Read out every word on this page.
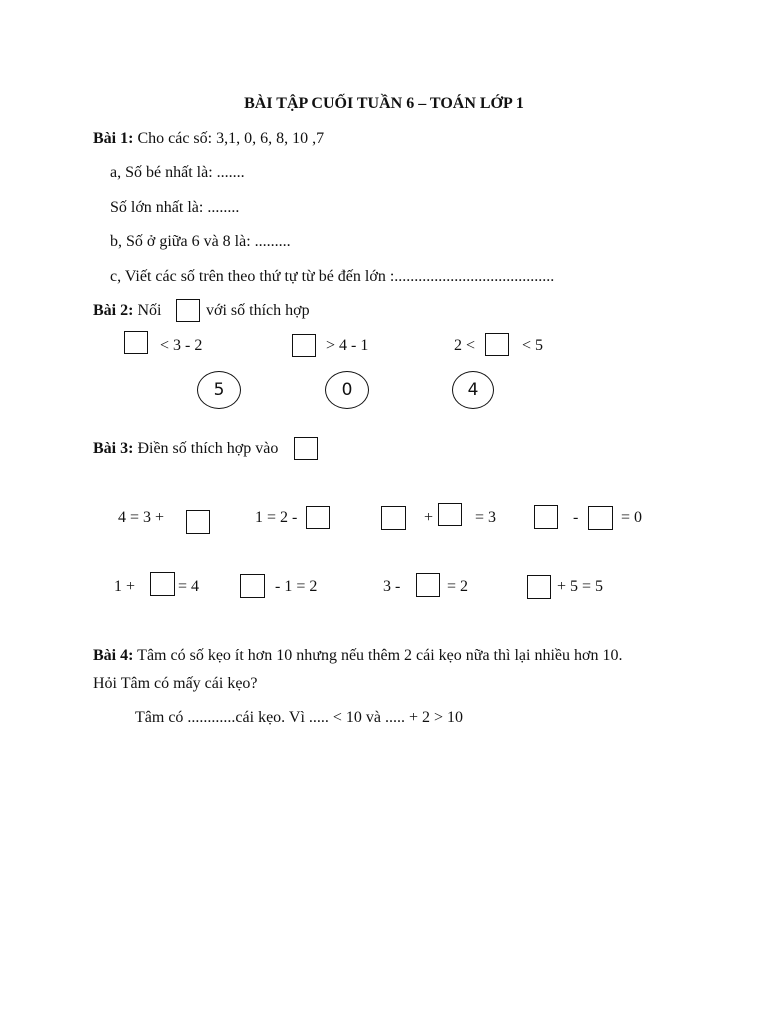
BÀI TẬP CUỐI TUẦN 6 – TOÁN LỚP 1
Bài 1: Cho các số: 3,1, 0, 6, 8, 10 ,7
a, Số bé nhất là: .......
Số lớn nhất là: ........
b, Số ở giữa 6 và 8 là: .........
c, Viết các số trên theo thứ tự từ bé đến lớn :........................................
Bài 2: Nối	với số thích hợp
< 3 - 2	> 4 - 1	2 <	< 5
5	0	4
Bài 3: Điền số thích hợp vào
4 = 3 +	1 = 2 -	+	= 3	-	= 0
1 +	= 4	- 1 = 2	3 -	= 2	+ 5 = 5
Bài 4: Tâm có số kẹo ít hơn 10 nhưng nếu thêm 2 cái kẹo nữa thì lại nhiều hơn 10.
Hỏi Tâm có mấy cái kẹo?
Tâm có ............cái kẹo. Vì ..... < 10 và ..... + 2 > 10
